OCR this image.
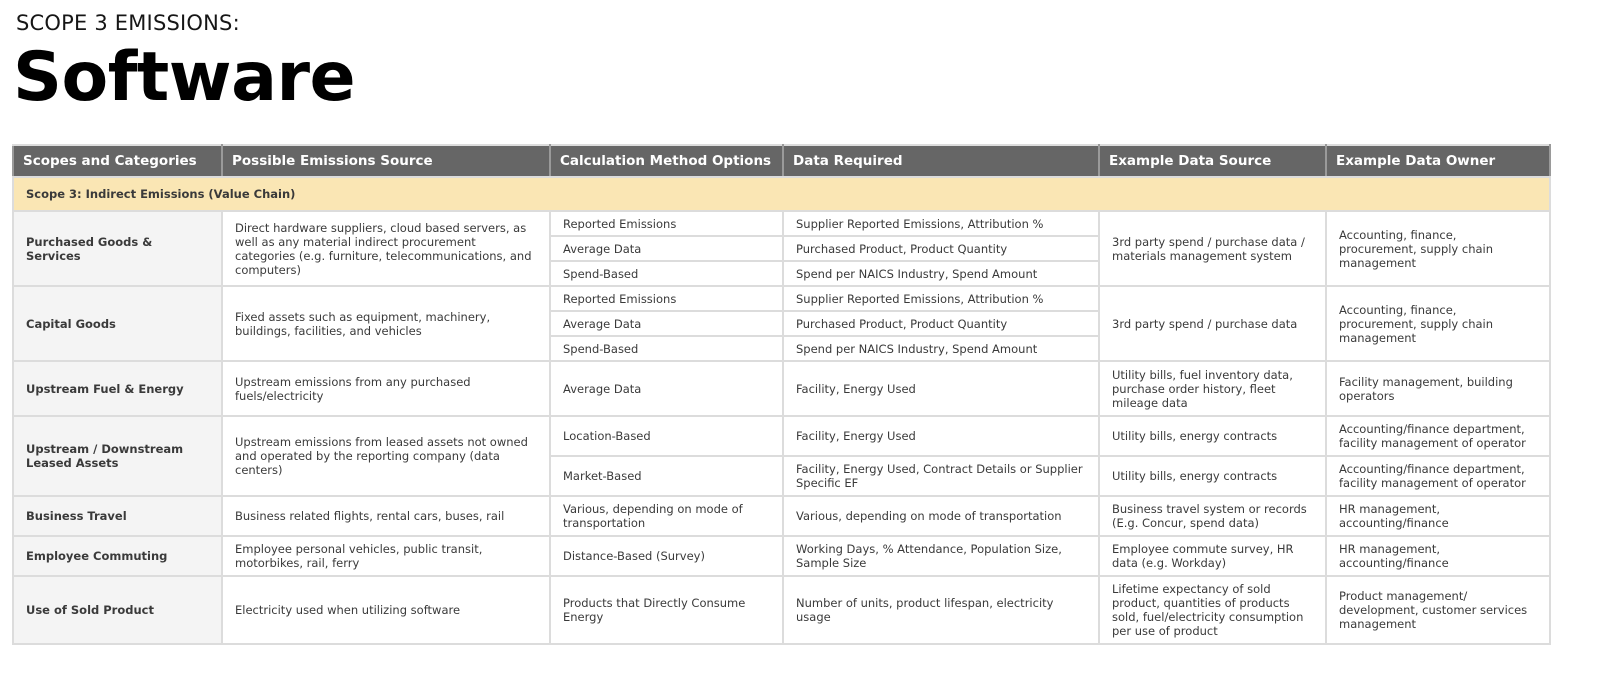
SCOPE 3 EMISSIONS:
Software
Scopes and Categories	Possible Emissions Source	Calculation Method Options	Data Required	Example Data Source	Example Data Owner
Scope 3: Indirect Emissions (Value Chain)					
Purchased Goods & Services	Direct hardware suppliers, cloud based servers, as well as any material indirect procurement categories (e.g. furniture, telecommunications, and computers)	Reported Emissions	Supplier Reported Emissions, Attribution %	3rd party spend / purchase data / materials management system	Accounting, finance, procurement, supply chain management
		Average Data	Purchased Product, Product Quantity		
		Spend-Based	Spend per NAICS Industry, Spend Amount		
Capital Goods	Fixed assets such as equipment, machinery, buildings, facilities, and vehicles	Reported Emissions	Supplier Reported Emissions, Attribution %	3rd party spend / purchase data	Accounting, finance, procurement, supply chain management
		Average Data	Purchased Product, Product Quantity		
		Spend-Based	Spend per NAICS Industry, Spend Amount		
Upstream Fuel & Energy	Upstream emissions from any purchased fuels/electricity	Average Data	Facility, Energy Used	Utility bills, fuel inventory data, purchase order history, fleet mileage data	Facility management, building operators
Upstream / Downstream Leased Assets	Upstream emissions from leased assets not owned and operated by the reporting company (data centers)	Location-Based	Facility, Energy Used	Utility bills, energy contracts	Accounting/finance department, facility management of operator
		Market-Based	Facility, Energy Used, Contract Details or Supplier Specific EF	Utility bills, energy contracts	Accounting/finance department, facility management of operator
Business Travel	Business related flights, rental cars, buses, rail	Various, depending on mode of transportation	Various, depending on mode of transportation	Business travel system or records (E.g. Concur, spend data)	HR management, accounting/finance
Employee Commuting	Employee personal vehicles, public transit, motorbikes, rail, ferry	Distance-Based (Survey)	Working Days, % Attendance, Population Size, Sample Size	Employee commute survey, HR data (e.g. Workday)	HR management, accounting/finance
Use of Sold Product	Electricity used when utilizing software	Products that Directly Consume Energy	Number of units, product lifespan, electricity usage	Lifetime expectancy of sold product, quantities of products sold, fuel/electricity consumption per use of product	Product management/ development, customer services management
